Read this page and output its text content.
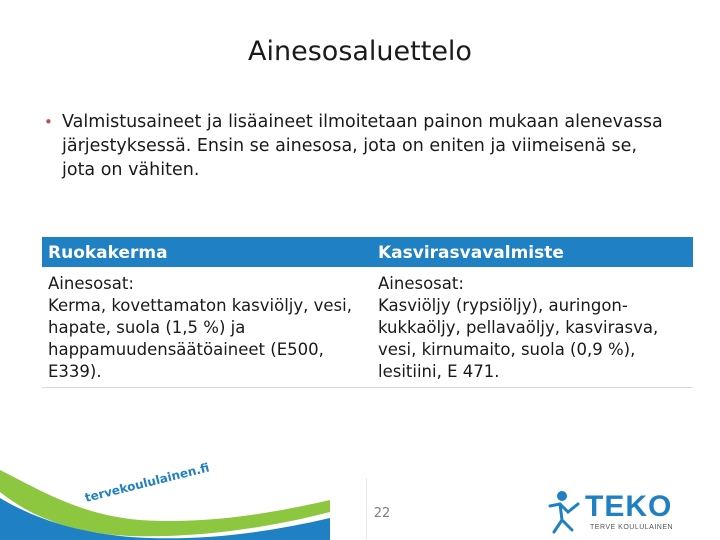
Ainesosaluettelo
• Valmistusaineet ja lisäaineet ilmoitetaan painon mukaan alenevassa järjestyksessä. Ensin se ainesosa, jota on eniten ja viimeisenä se, jota on vähiten.
Ruokakerma	Kasvirasvavalmiste
Ainesosat:
Kerma, kovettamaton kasviöljy, vesi, hapate, suola (1,5 %) ja happamuudensäätöaineet (E500, E339).
Ainesosat:
Kasviöljy (rypsiöljy), auringon-kukkaöljy, pellavaöljy, kasvirasva, vesi, kirnumaito, suola (0,9 %), lesitiini, E 471.
tervekoululainen.fi
22	TEKO
TERVE KOULULAINEN
